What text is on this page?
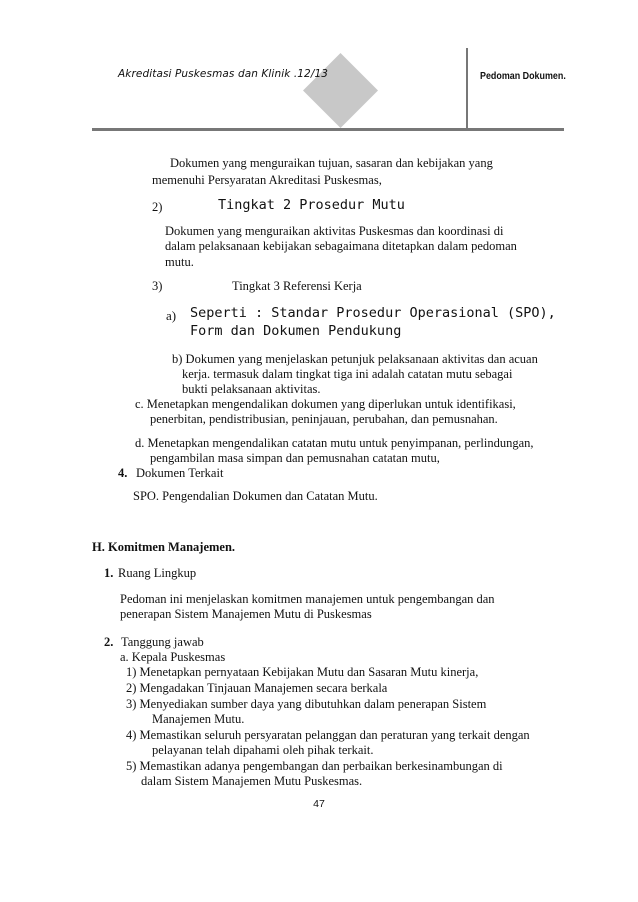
Akreditasi Puskesmas dan Klinik .12/13	Pedoman Dokumen.
Dokumen yang menguraikan tujuan, sasaran dan kebijakan yang
memenuhi Persyaratan Akreditasi Puskesmas,
2)	Tingkat 2 Prosedur Mutu
Dokumen yang menguraikan aktivitas Puskesmas dan koordinasi di
dalam pelaksanaan kebijakan sebagaimana ditetapkan dalam pedoman
mutu.
3)	Tingkat 3 Referensi Kerja
a) Seperti : Standar Prosedur Operasional (SPO),
Form dan Dokumen Pendukung
b) Dokumen yang menjelaskan petunjuk pelaksanaan aktivitas dan acuan
kerja. termasuk dalam tingkat tiga ini adalah catatan mutu sebagai
bukti pelaksanaan aktivitas.
c. Menetapkan mengendalikan dokumen yang diperlukan untuk identifikasi,
penerbitan, pendistribusian, peninjauan, perubahan, dan pemusnahan.
d. Menetapkan mengendalikan catatan mutu untuk penyimpanan, perlindungan,
pengambilan masa simpan dan pemusnahan catatan mutu,
4. Dokumen Terkait
SPO. Pengendalian Dokumen dan Catatan Mutu.
H. Komitmen Manajemen.
1. Ruang Lingkup
Pedoman ini menjelaskan komitmen manajemen untuk pengembangan dan
penerapan Sistem Manajemen Mutu di Puskesmas
2. Tanggung jawab
a. Kepala Puskesmas
1) Menetapkan pernyataan Kebijakan Mutu dan Sasaran Mutu kinerja,
2) Mengadakan Tinjauan Manajemen secara berkala
3) Menyediakan sumber daya yang dibutuhkan dalam penerapan Sistem
Manajemen Mutu.
4) Memastikan seluruh persyaratan pelanggan dan peraturan yang terkait dengan
pelayanan telah dipahami oleh pihak terkait.
5) Memastikan adanya pengembangan dan perbaikan berkesinambungan di
dalam Sistem Manajemen Mutu Puskesmas.
47
